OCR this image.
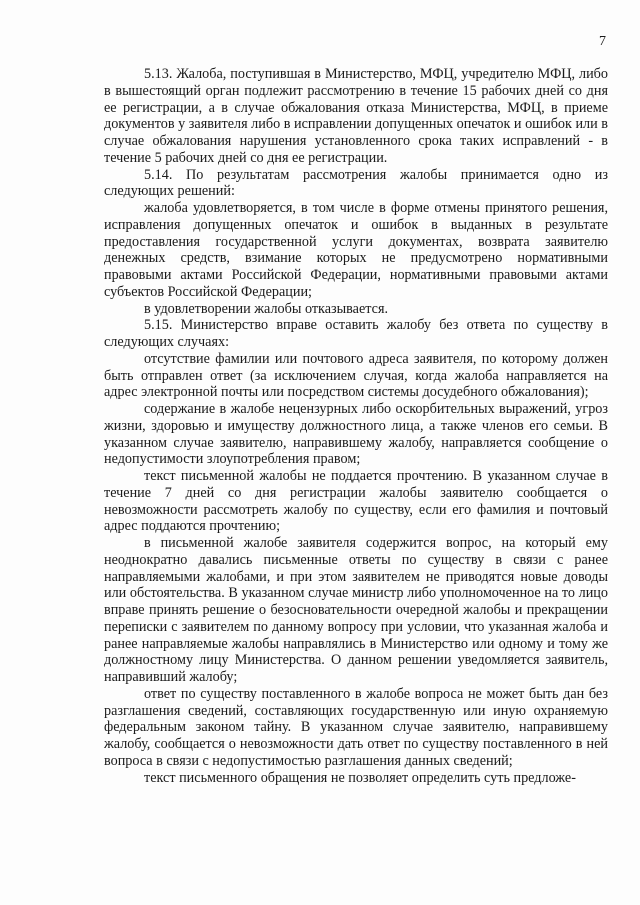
7

5.13. Жалоба, поступившая в Министерство, МФЦ, учредителю МФЦ, либо в вышестоящий орган подлежит рассмотрению в течение 15 рабочих дней со дня ее регистрации, а в случае обжалования отказа Министерства, МФЦ, в приеме документов у заявителя либо в исправлении допущенных опечаток и ошибок или в случае обжалования нарушения установленного срока таких исправлений - в течение 5 рабочих дней со дня ее регистрации.

5.14. По результатам рассмотрения жалобы принимается одно из следующих решений:

жалоба удовлетворяется, в том числе в форме отмены принятого решения, исправления допущенных опечаток и ошибок в выданных в результате предоставления государственной услуги документах, возврата заявителю денежных средств, взимание которых не предусмотрено нормативными правовыми актами Российской Федерации, нормативными правовыми актами субъектов Российской Федерации;

в удовлетворении жалобы отказывается.

5.15. Министерство вправе оставить жалобу без ответа по существу в следующих случаях:

отсутствие фамилии или почтового адреса заявителя, по которому должен быть отправлен ответ (за исключением случая, когда жалоба направляется на адрес электронной почты или посредством системы досудебного обжалования);

содержание в жалобе нецензурных либо оскорбительных выражений, угроз жизни, здоровью и имуществу должностного лица, а также членов его семьи. В указанном случае заявителю, направившему жалобу, направляется сообщение о недопустимости злоупотребления правом;

текст письменной жалобы не поддается прочтению. В указанном случае в течение 7 дней со дня регистрации жалобы заявителю сообщается о невозможности рассмотреть жалобу по существу, если его фамилия и почтовый адрес поддаются прочтению;

в письменной жалобе заявителя содержится вопрос, на который ему неоднократно давались письменные ответы по существу в связи с ранее направляемыми жалобами, и при этом заявителем не приводятся новые доводы или обстоятельства. В указанном случае министр либо уполномоченное на то лицо вправе принять решение о безосновательности очередной жалобы и прекращении переписки с заявителем по данному вопросу при условии, что указанная жалоба и ранее направляемые жалобы направлялись в Министерство или одному и тому же должностному лицу Министерства. О данном решении уведомляется заявитель, направивший жалобу;

ответ по существу поставленного в жалобе вопроса не может быть дан без разглашения сведений, составляющих государственную или иную охраняемую федеральным законом тайну. В указанном случае заявителю, направившему жалобу, сообщается о невозможности дать ответ по существу поставленного в ней вопроса в связи с недопустимостью разглашения данных сведений;

текст письменного обращения не позволяет определить суть предложе-
